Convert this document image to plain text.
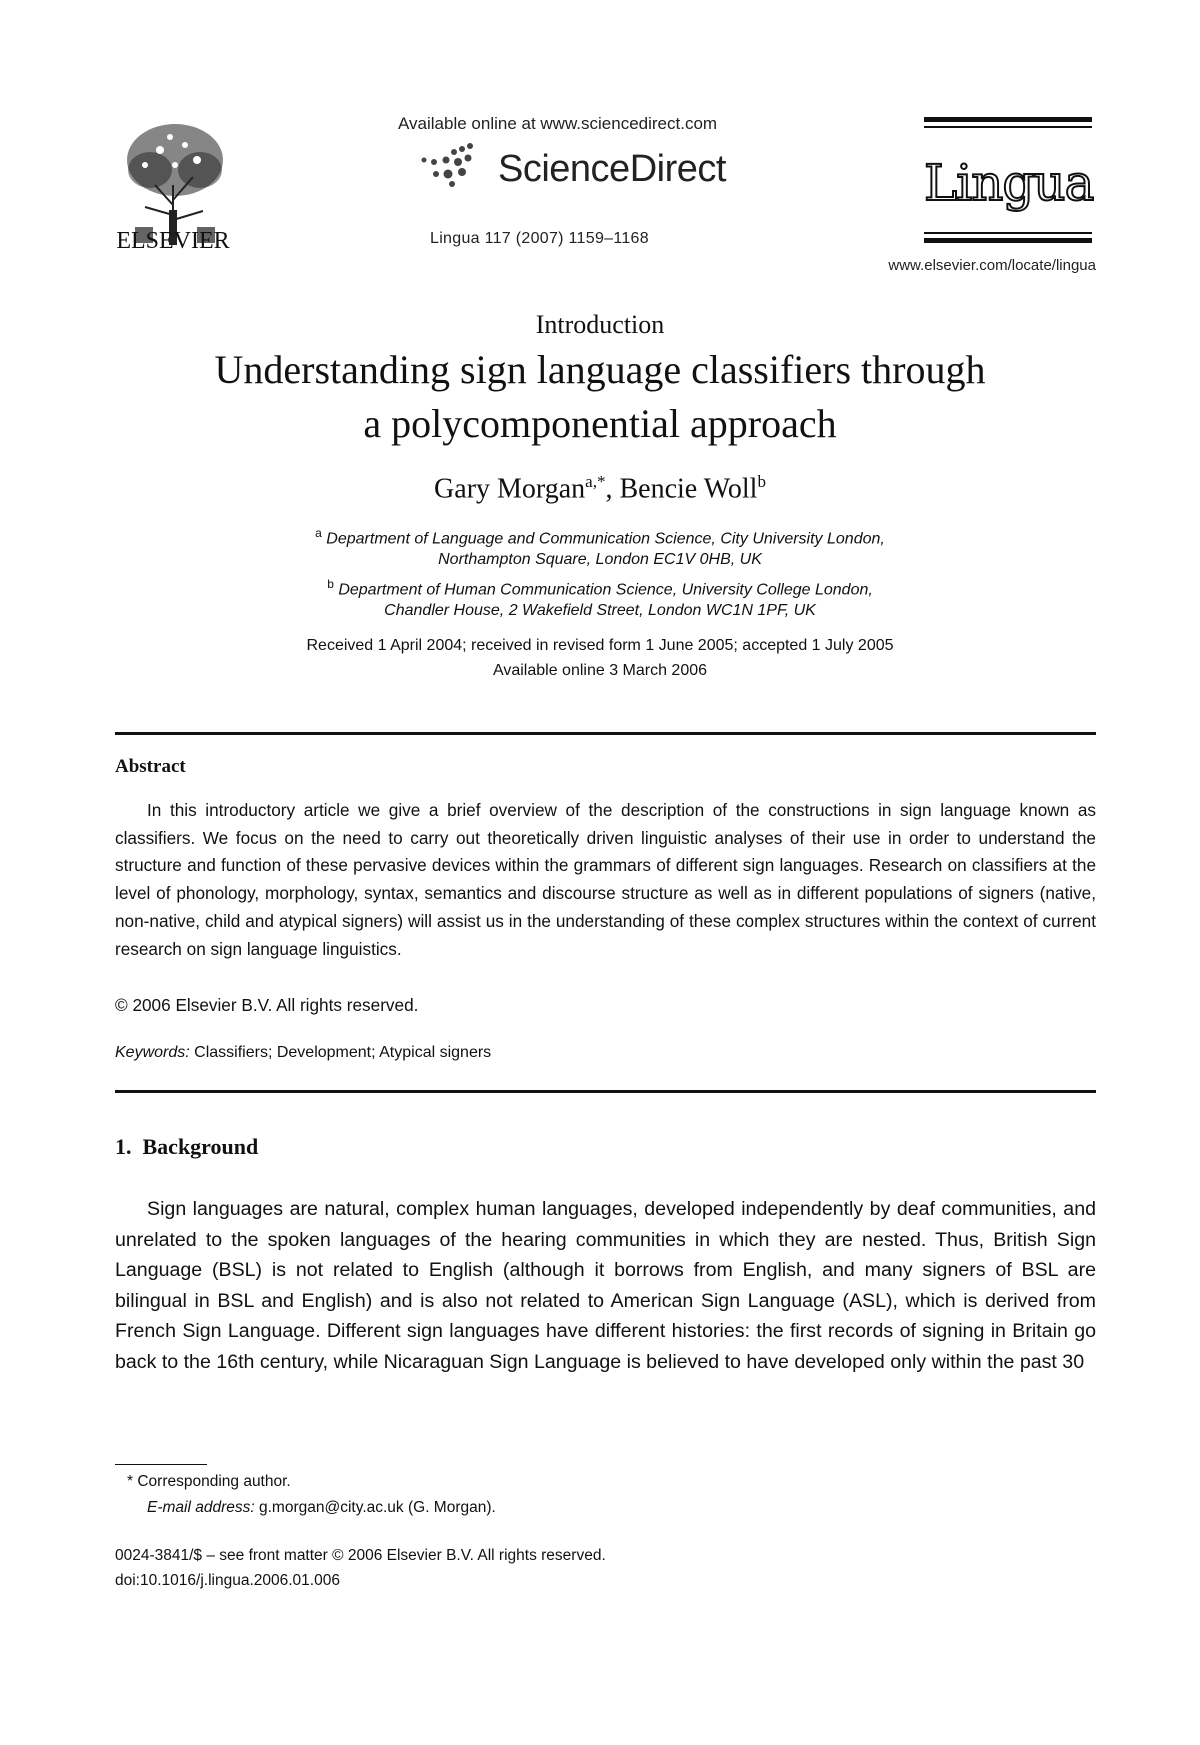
ELSEVIER
Available online at www.sciencedirect.com
ScienceDirect
Lingua 117 (2007) 1159–1168
Lingua
www.elsevier.com/locate/lingua
Introduction
Understanding sign language classifiers through
a polycomponential approach
Gary Morgan$^{a,*}$, Bencie Woll$^b$
$^a$ Department of Language and Communication Science, City University London,
Northampton Square, London EC1V 0HB, UK
$^b$ Department of Human Communication Science, University College London,
Chandler House, 2 Wakefield Street, London WC1N 1PF, UK
Received 1 April 2004; received in revised form 1 June 2005; accepted 1 July 2005
Available online 3 March 2006
Abstract
In this introductory article we give a brief overview of the description of the constructions in sign language known as classifiers. We focus on the need to carry out theoretically driven linguistic analyses of their use in order to understand the structure and function of these pervasive devices within the grammars of different sign languages. Research on classifiers at the level of phonology, morphology, syntax, semantics and discourse structure as well as in different populations of signers (native, non-native, child and atypical signers) will assist us in the understanding of these complex structures within the context of current research on sign language linguistics.
© 2006 Elsevier B.V. All rights reserved.
Keywords: Classifiers; Development; Atypical signers
1.  Background
Sign languages are natural, complex human languages, developed independently by deaf communities, and unrelated to the spoken languages of the hearing communities in which they are nested. Thus, British Sign Language (BSL) is not related to English (although it borrows from English, and many signers of BSL are bilingual in BSL and English) and is also not related to American Sign Language (ASL), which is derived from French Sign Language. Different sign languages have different histories: the first records of signing in Britain go back to the 16th century, while Nicaraguan Sign Language is believed to have developed only within the past 30
* Corresponding author.
E-mail address: g.morgan@city.ac.uk (G. Morgan).
0024-3841/$ – see front matter © 2006 Elsevier B.V. All rights reserved.
doi:10.1016/j.lingua.2006.01.006
